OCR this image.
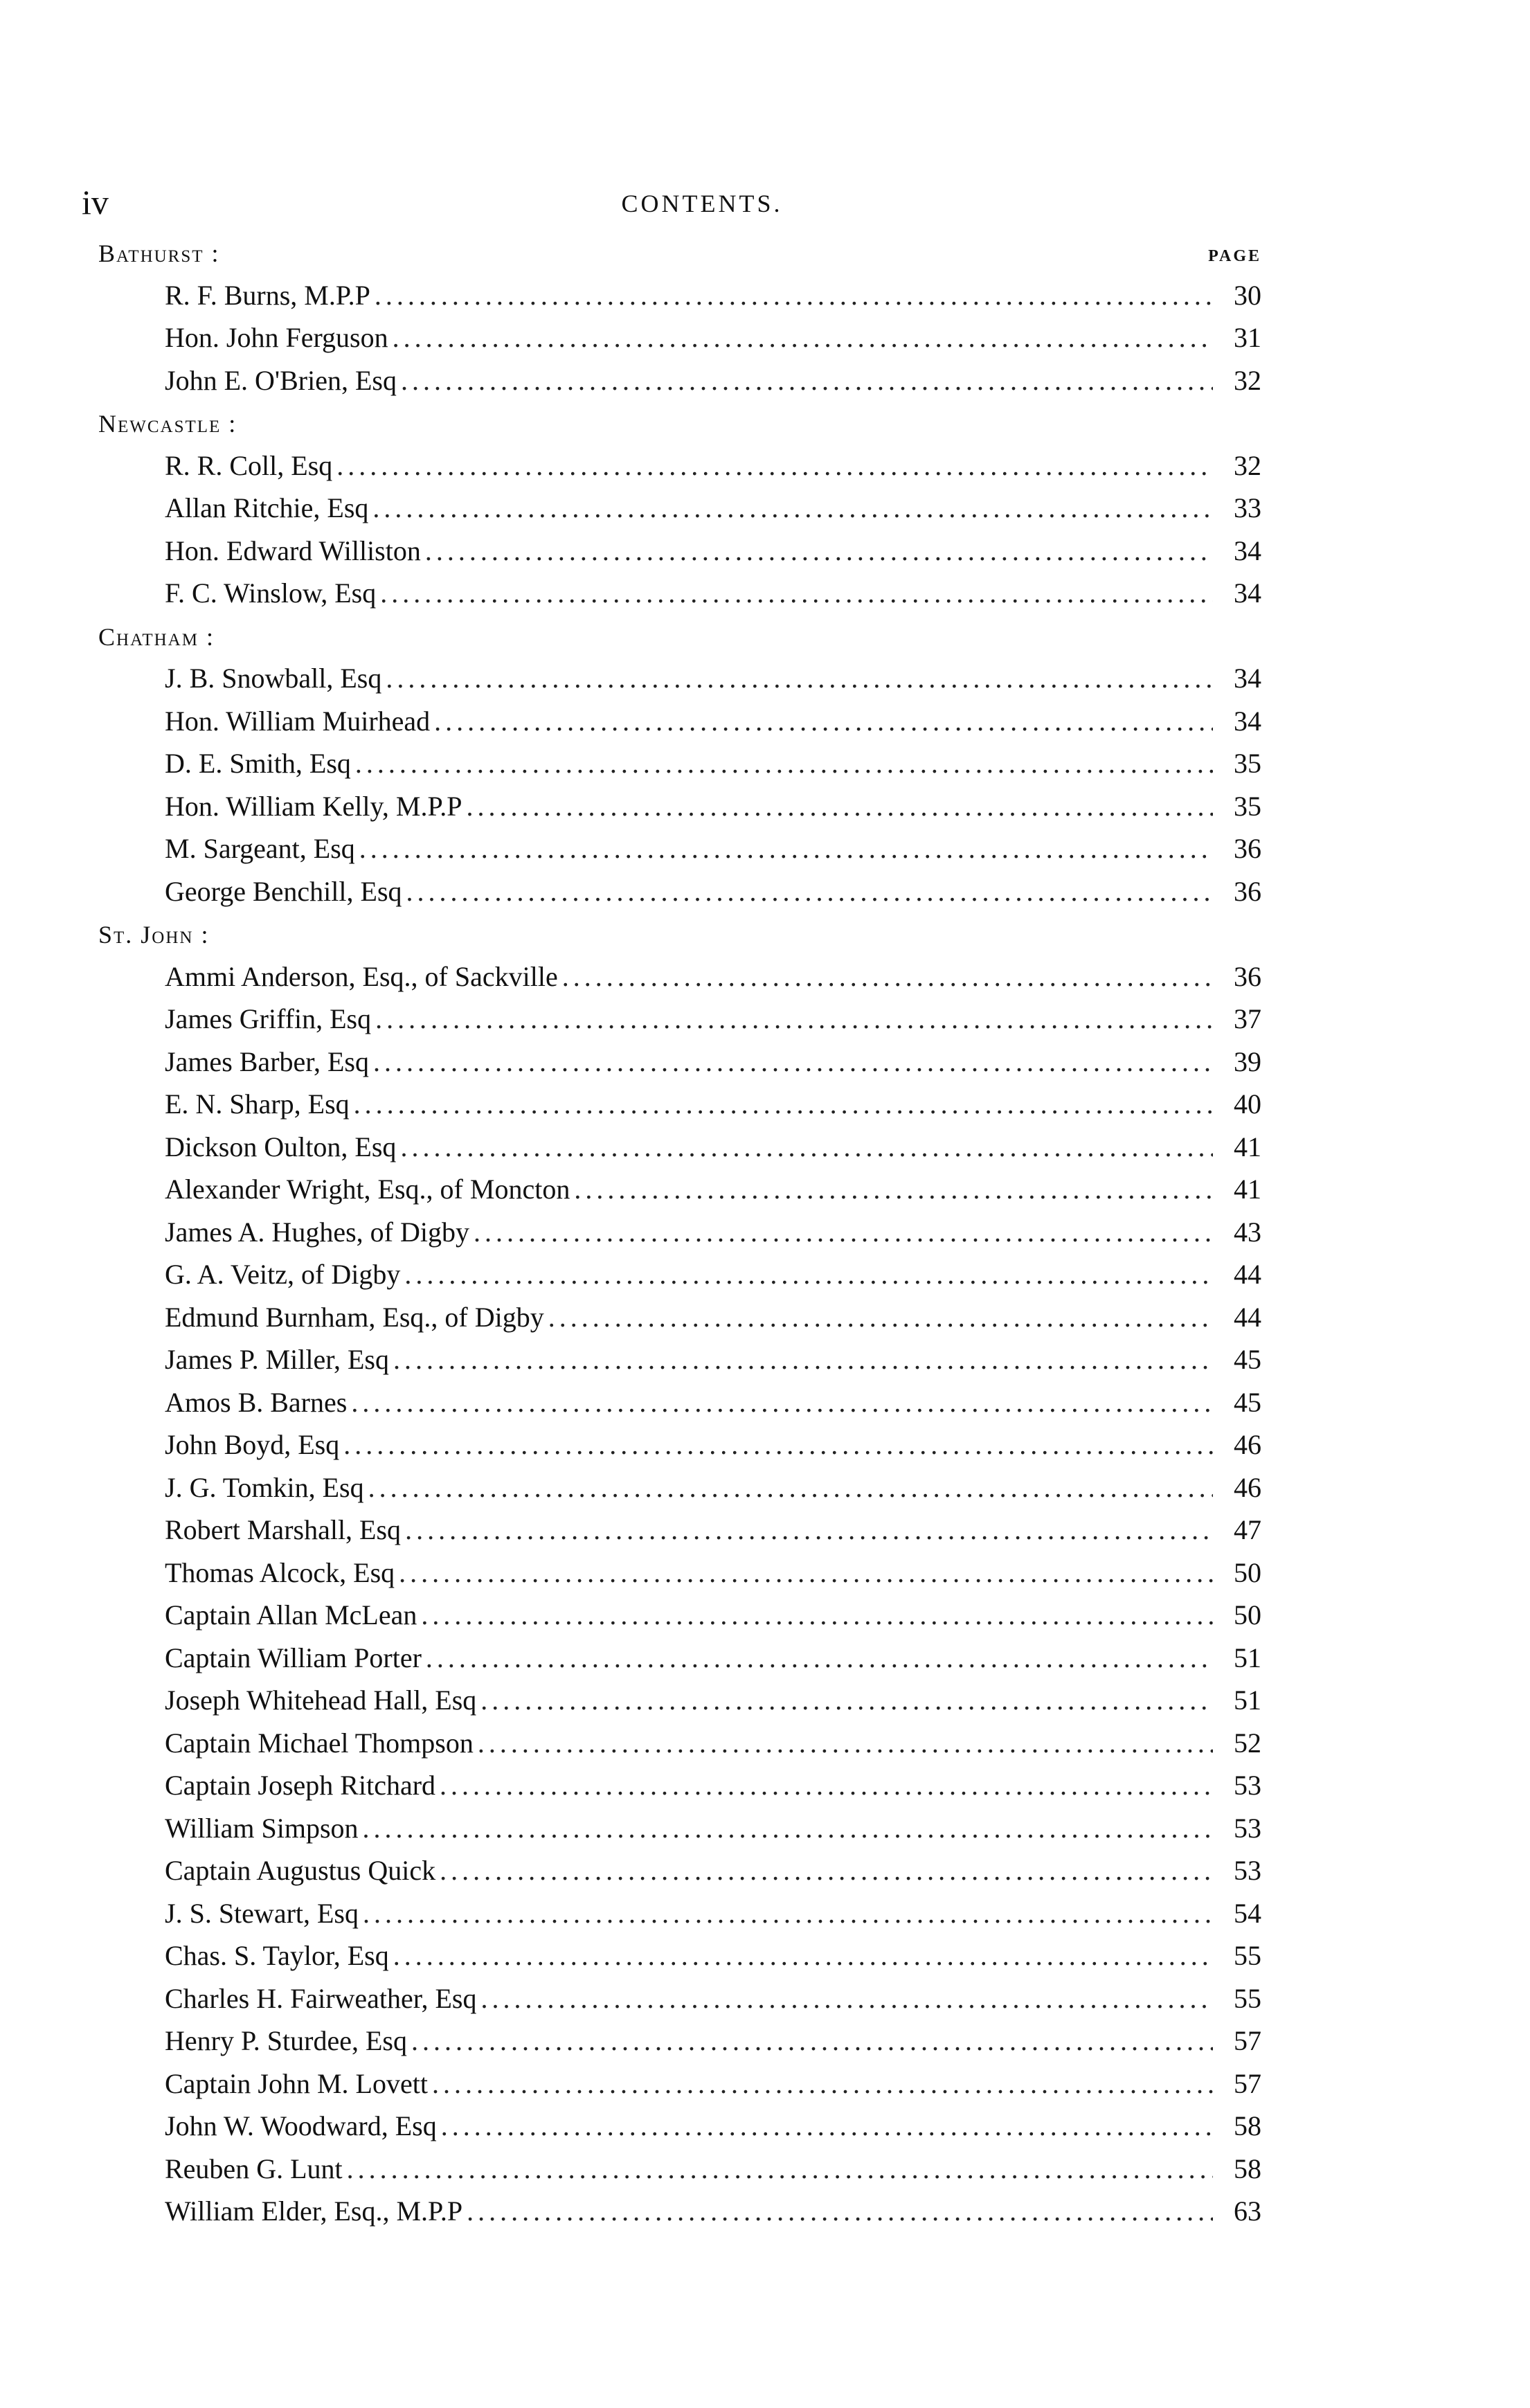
iv	CONTENTS.
Bathurst :	PAGE
R. F. Burns, M.P.P .....	30
Hon. John Ferguson .....	31
John E. O'Brien, Esq .....	32
Newcastle :
R. R. Coll, Esq .....	32
Allan Ritchie, Esq .....	33
Hon. Edward Williston .....	34
F. C. Winslow, Esq .....	34
Chatham :
J. B. Snowball, Esq .....	34
Hon. William Muirhead .....	34
D. E. Smith, Esq .....	35
Hon. William Kelly, M.P.P .....	35
M. Sargeant, Esq .....	36
George Benchill, Esq .....	36
St. John :
Ammi Anderson, Esq., of Sackville .....	36
James Griffin, Esq .....	37
James Barber, Esq .....	39
E. N. Sharp, Esq .....	40
Dickson Oulton, Esq .....	41
Alexander Wright, Esq., of Moncton .....	41
James A. Hughes, of Digby .....	43
G. A. Veitz, of Digby .....	44
Edmund Burnham, Esq., of Digby .....	44
James P. Miller, Esq .....	45
Amos B. Barnes .....	45
John Boyd, Esq .....	46
J. G. Tomkin, Esq .....	46
Robert Marshall, Esq .....	47
Thomas Alcock, Esq .....	50
Captain Allan McLean .....	50
Captain William Porter .....	51
Joseph Whitehead Hall, Esq .....	51
Captain Michael Thompson .....	52
Captain Joseph Ritchard .....	53
William Simpson .....	53
Captain Augustus Quick .....	53
J. S. Stewart, Esq .....	54
Chas. S. Taylor, Esq .....	55
Charles H. Fairweather, Esq .....	55
Henry P. Sturdee, Esq .....	57
Captain John M. Lovett .....	57
John W. Woodward, Esq .....	58
Reuben G. Lunt .....	58
William Elder, Esq., M.P.P .....	63
